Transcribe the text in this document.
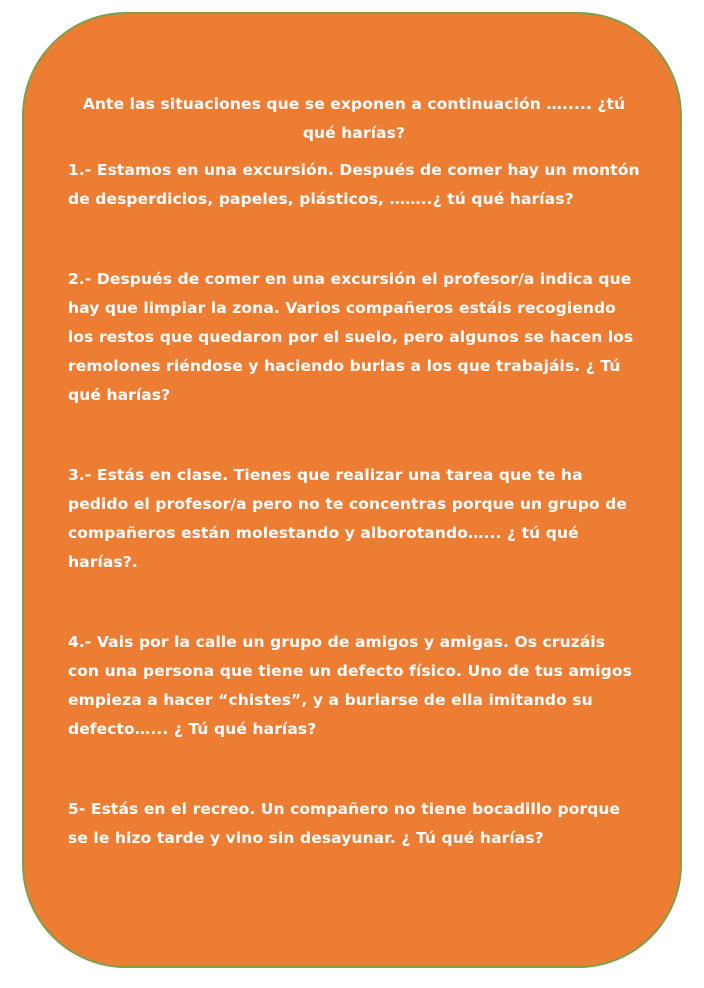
Ante las situaciones que se exponen a continuación …..... ¿tú qué harías?

1.- Estamos en una excursión. Después de comer hay un montón de desperdicios, papeles, plásticos, ……..¿ tú qué harías?

2.- Después de comer en una excursión el profesor/a indica que hay que limpiar la zona. Varios compañeros estáis recogiendo los restos que quedaron por el suelo, pero algunos se hacen los remolones riéndose y haciendo burlas a los que trabajáis. ¿ Tú qué harías?

3.- Estás en clase. Tienes que realizar una tarea que te ha pedido el profesor/a pero no te concentras porque un grupo de compañeros están molestando y alborotando…... ¿ tú qué harías?.

4.- Vais por la calle un grupo de amigos y amigas. Os cruzáis con una persona que tiene un defecto físico. Uno de tus amigos empieza a hacer “chistes”, y a burlarse de ella imitando su defecto…... ¿ Tú qué harías?

5- Estás en el recreo. Un compañero no tiene bocadillo porque se le hizo tarde y vino sin desayunar. ¿ Tú qué harías?
